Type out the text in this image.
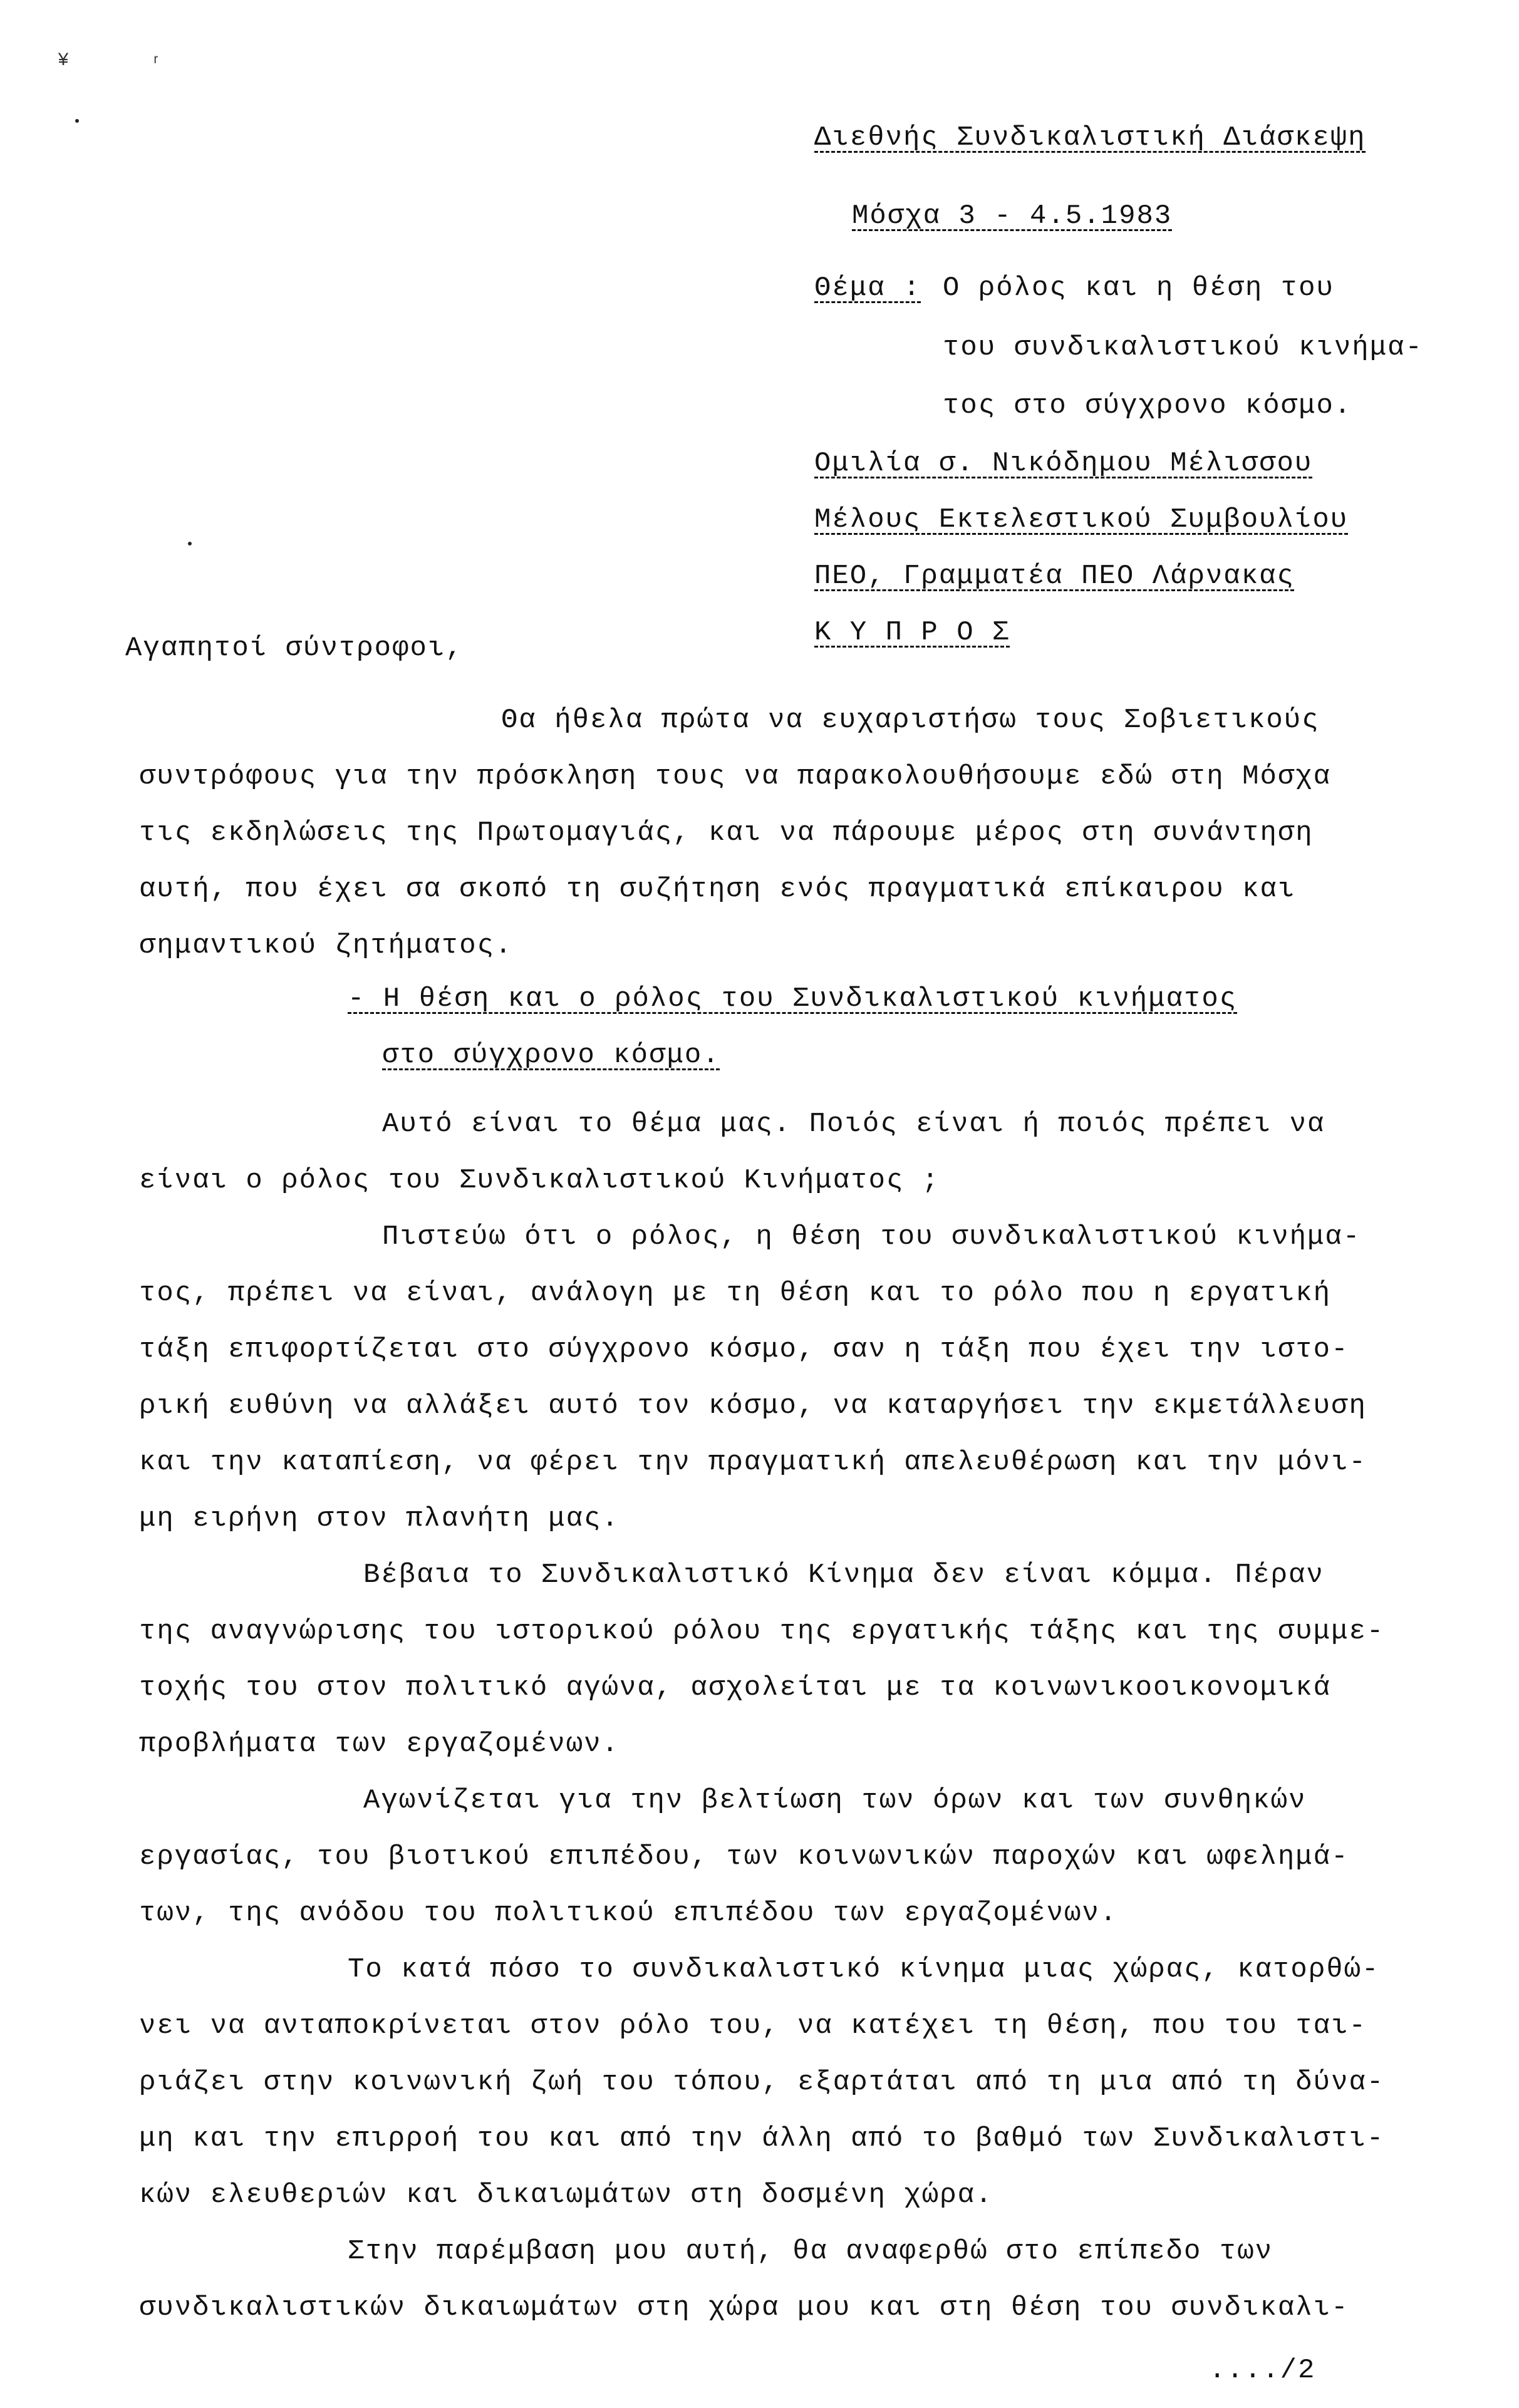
¥	ʳ
Διεθνής Συνδικαλιστική Διάσκεψη
Μόσχα 3 - 4.5.1983
Θέμα : Ο ρόλος και η θέση του
του συνδικαλιστικού κινήμα-
τος στο σύγχρονο κόσμο.
Ομιλία σ. Νικόδημου Μέλισσου
Μέλους Εκτελεστικού Συμβουλίου
ΠΕΟ, Γραμματέα ΠΕΟ Λάρνακας
Κ Υ Π Ρ Ο Σ
Αγαπητοί σύντροφοι,
Θα ήθελα πρώτα να ευχαριστήσω τους Σοβιετικούς
συντρόφους για την πρόσκληση τους να παρακολουθήσουμε εδώ στη Μόσχα
τις εκδηλώσεις της Πρωτομαγιάς, και να πάρουμε μέρος στη συνάντηση
αυτή, που έχει σα σκοπό τη συζήτηση ενός πραγματικά επίκαιρου και
σημαντικού ζητήματος.
- Η θέση και ο ρόλος του Συνδικαλιστικού κινήματος
στο σύγχρονο κόσμο.
Αυτό είναι το θέμα μας. Ποιός είναι ή ποιός πρέπει να
είναι ο ρόλος του Συνδικαλιστικού Κινήματος ;
Πιστεύω ότι ο ρόλος, η θέση του συνδικαλιστικού κινήμα-
τος, πρέπει να είναι, ανάλογη με τη θέση και το ρόλο που η εργατική
τάξη επιφορτίζεται στο σύγχρονο κόσμο, σαν η τάξη που έχει την ιστο-
ρική ευθύνη να αλλάξει αυτό τον κόσμο, να καταργήσει την εκμετάλλευση
και την καταπίεση, να φέρει την πραγματική απελευθέρωση και την μόνι-
μη ειρήνη στον πλανήτη μας.
Βέβαια το Συνδικαλιστικό Κίνημα δεν είναι κόμμα. Πέραν
της αναγνώρισης του ιστορικού ρόλου της εργατικής τάξης και της συμμε-
τοχής του στον πολιτικό αγώνα, ασχολείται με τα κοινωνικοοικονομικά
προβλήματα των εργαζομένων.
Αγωνίζεται για την βελτίωση των όρων και των συνθηκών
εργασίας, του βιοτικού επιπέδου, των κοινωνικών παροχών και ωφελημά-
των, της ανόδου του πολιτικού επιπέδου των εργαζομένων.
Το κατά πόσο το συνδικαλιστικό κίνημα μιας χώρας, κατορθώ-
νει να ανταποκρίνεται στον ρόλο του, να κατέχει τη θέση, που του ται-
ριάζει στην κοινωνική ζωή του τόπου, εξαρτάται από τη μια από τη δύνα-
μη και την επιρροή του και από την άλλη από το βαθμό των Συνδικαλιστι-
κών ελευθεριών και δικαιωμάτων στη δοσμένη χώρα.
Στην παρέμβαση μου αυτή, θα αναφερθώ στο επίπεδο των
συνδικαλιστικών δικαιωμάτων στη χώρα μου και στη θέση του συνδικαλι-
..../2
